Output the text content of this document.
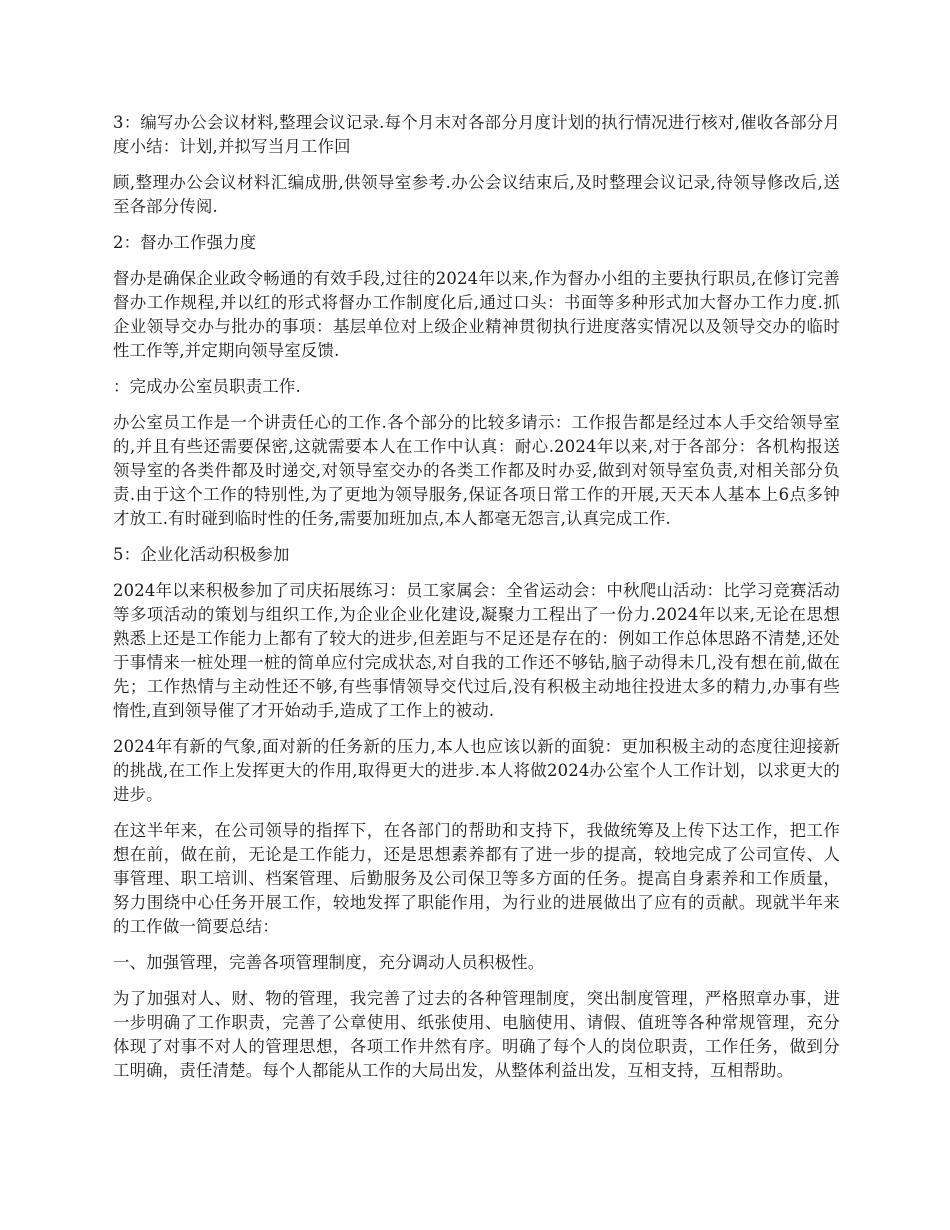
3：编写办公会议材料,整理会议记录.每个月末对各部分月度计划的执行情况进行核对,催收各部分月度小结：计划,并拟写当月工作回

顾,整理办公会议材料汇编成册,供领导室参考.办公会议结束后,及时整理会议记录,待领导修改后,送至各部分传阅.

2：督办工作强力度

督办是确保企业政令畅通的有效手段,过往的2024年以来,作为督办小组的主要执行职员,在修订完善督办工作规程,并以红的形式将督办工作制度化后,通过口头：书面等多种形式加大督办工作力度.抓企业领导交办与批办的事项：基层单位对上级企业精神贯彻执行进度落实情况以及领导交办的临时性工作等,并定期向领导室反馈.

：完成办公室员职责工作.

办公室员工作是一个讲责任心的工作.各个部分的比较多请示：工作报告都是经过本人手交给领导室的,并且有些还需要保密,这就需要本人在工作中认真：耐心.2024年以来,对于各部分：各机构报送领导室的各类件都及时递交,对领导室交办的各类工作都及时办妥,做到对领导室负责,对相关部分负责.由于这个工作的特别性,为了更地为领导服务,保证各项日常工作的开展,天天本人基本上6点多钟才放工.有时碰到临时性的任务,需要加班加点,本人都毫无怨言,认真完成工作.

5：企业化活动积极参加

2024年以来积极参加了司庆拓展练习：员工家属会：全省运动会：中秋爬山活动：比学习竞赛活动等多项活动的策划与组织工作,为企业企业化建设,凝聚力工程出了一份力.2024年以来,无论在思想熟悉上还是工作能力上都有了较大的进步,但差距与不足还是存在的：例如工作总体思路不清楚,还处于事情来一桩处理一桩的简单应付完成状态,对自我的工作还不够钻,脑子动得未几,没有想在前,做在先；工作热情与主动性还不够,有些事情领导交代过后,没有积极主动地往投进太多的精力,办事有些惰性,直到领导催了才开始动手,造成了工作上的被动.

2024年有新的气象,面对新的任务新的压力,本人也应该以新的面貌：更加积极主动的态度往迎接新的挑战,在工作上发挥更大的作用,取得更大的进步.本人将做2024办公室个人工作计划，以求更大的进步。

在这半年来，在公司领导的指挥下，在各部门的帮助和支持下，我做统筹及上传下达工作，把工作想在前，做在前，无论是工作能力，还是思想素养都有了进一步的提高，较地完成了公司宣传、人事管理、职工培训、档案管理、后勤服务及公司保卫等多方面的任务。提高自身素养和工作质量，努力围绕中心任务开展工作，较地发挥了职能作用，为行业的进展做出了应有的贡献。现就半年来的工作做一简要总结：

一、加强管理，完善各项管理制度，充分调动人员积极性。

为了加强对人、财、物的管理，我完善了过去的各种管理制度，突出制度管理，严格照章办事，进一步明确了工作职责，完善了公章使用、纸张使用、电脑使用、请假、值班等各种常规管理，充分体现了对事不对人的管理思想，各项工作井然有序。明确了每个人的岗位职责，工作任务，做到分工明确，责任清楚。每个人都能从工作的大局出发，从整体利益出发，互相支持，互相帮助。
